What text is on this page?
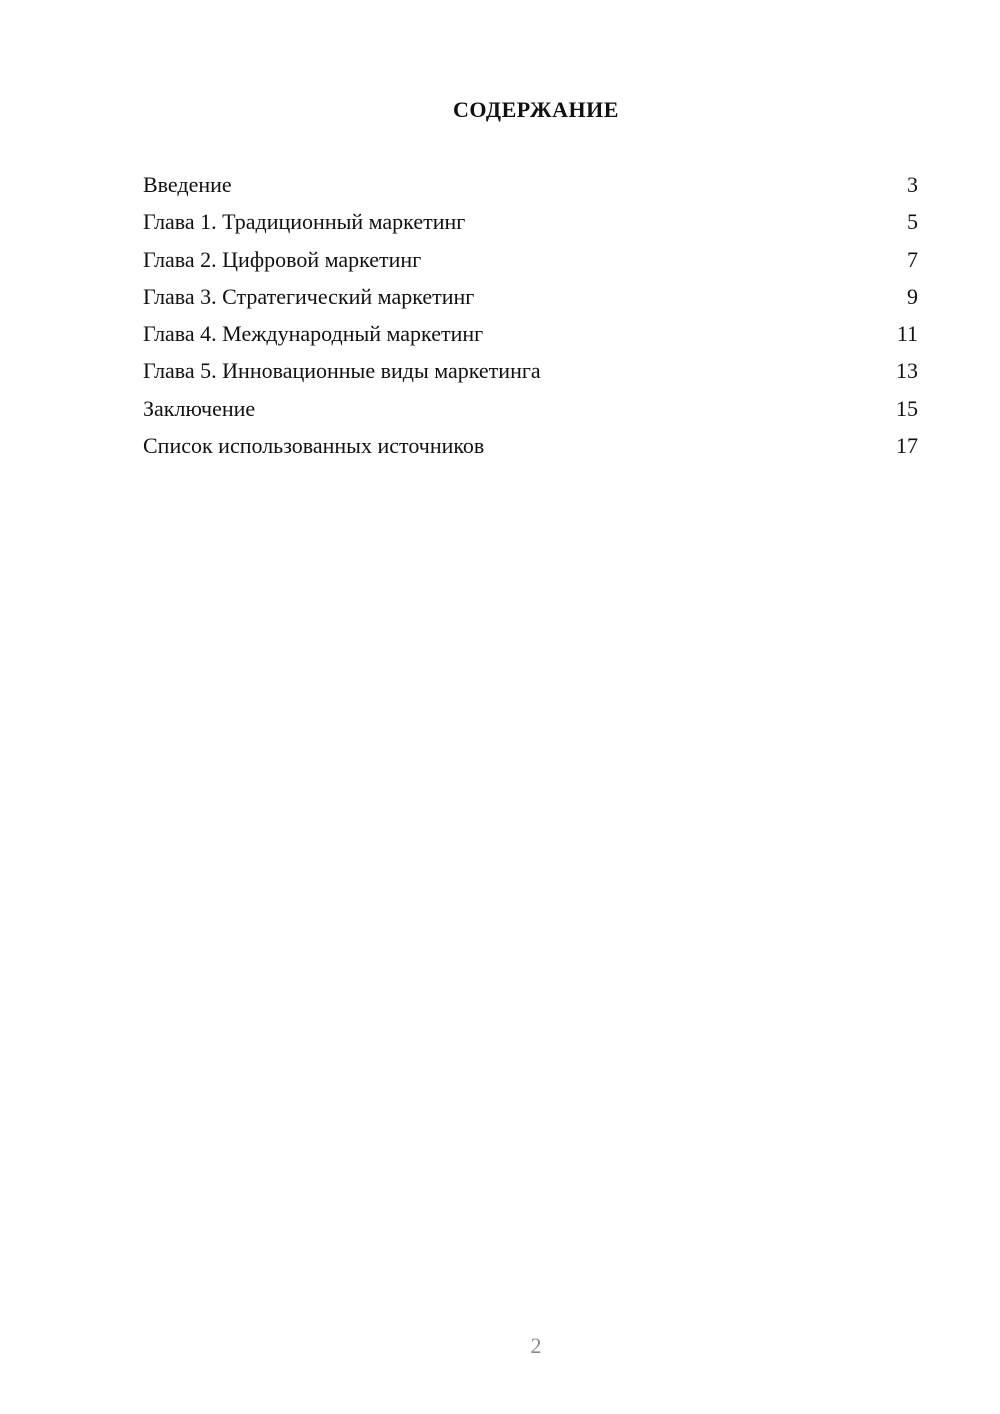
СОДЕРЖАНИЕ
Введение	3
Глава 1. Традиционный маркетинг	5
Глава 2. Цифровой маркетинг	7
Глава 3. Стратегический маркетинг	9
Глава 4. Международный маркетинг	11
Глава 5. Инновационные виды маркетинга	13
Заключение	15
Список использованных источников	17
2
